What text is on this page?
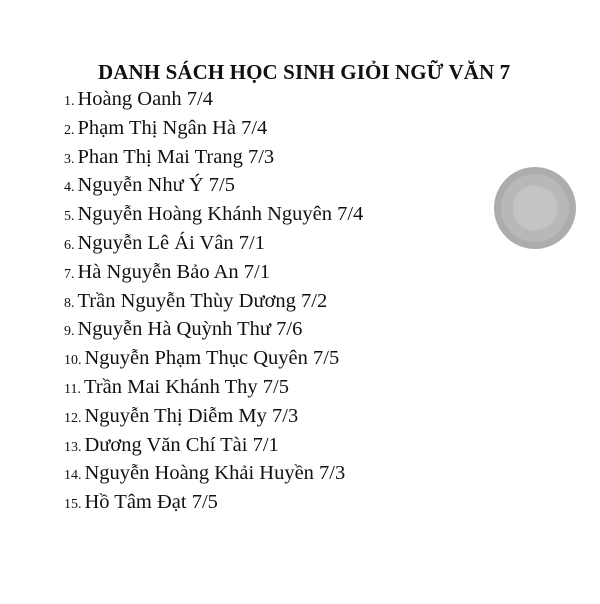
DANH SÁCH HỌC SINH GIỎI NGỮ VĂN 7
1. Hoàng Oanh 7/4
2. Phạm Thị Ngân Hà 7/4
3. Phan Thị Mai Trang 7/3
4. Nguyễn Như Ý 7/5
5. Nguyễn Hoàng Khánh Nguyên 7/4
6. Nguyễn Lê Ái Vân 7/1
7. Hà Nguyễn Bảo An 7/1
8. Trần Nguyễn Thùy Dương 7/2
9. Nguyễn Hà Quỳnh Thư 7/6
10. Nguyễn Phạm Thục Quyên 7/5
11. Trần Mai Khánh Thy 7/5
12. Nguyễn Thị Diễm My 7/3
13. Dương Văn Chí Tài 7/1
14. Nguyễn Hoàng Khải Huyền 7/3
15. Hồ Tâm Đạt 7/5
